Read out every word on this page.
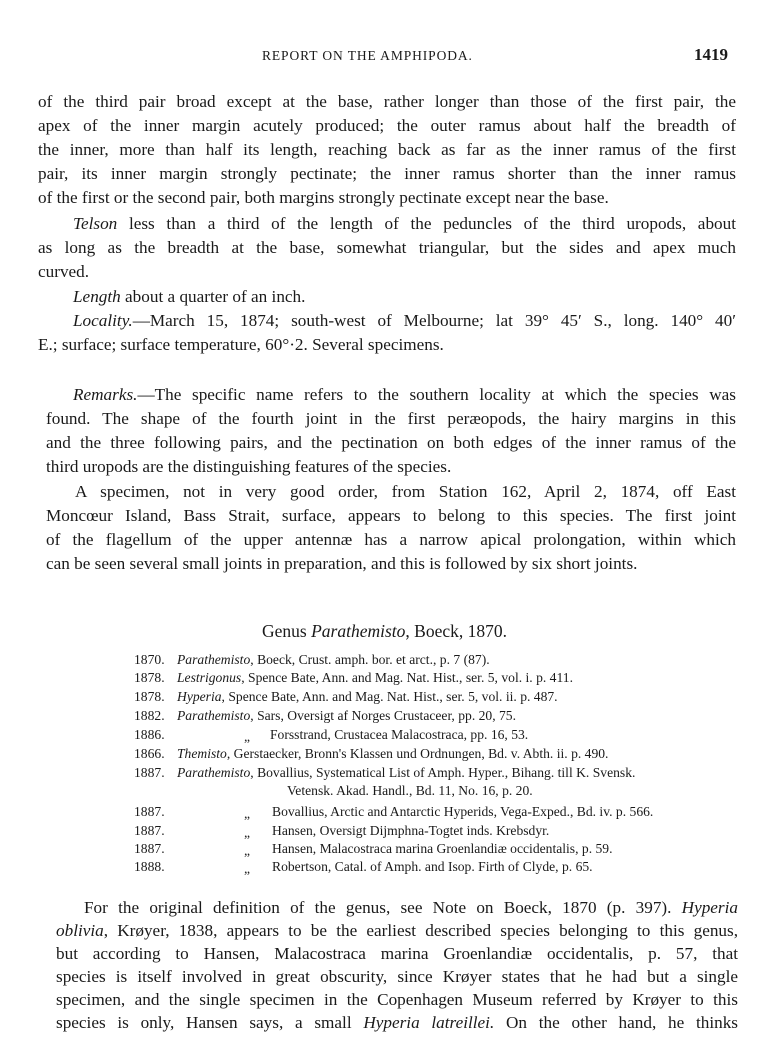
REPORT ON THE AMPHIPODA.	1419
of the third pair broad except at the base, rather longer than those of the first pair, the
apex of the inner margin acutely produced; the outer ramus about half the breadth of
the inner, more than half its length, reaching back as far as the inner ramus of the first
pair, its inner margin strongly pectinate; the inner ramus shorter than the inner ramus
of the first or the second pair, both margins strongly pectinate except near the base.
Telson less than a third of the length of the peduncles of the third uropods, about
as long as the breadth at the base, somewhat triangular, but the sides and apex much
curved.
Length about a quarter of an inch.
Locality.—March 15, 1874; south-west of Melbourne; lat 39° 45′ S., long. 140° 40′
E.; surface; surface temperature, 60°·2. Several specimens.
Remarks.—The specific name refers to the southern locality at which the species was
found. The shape of the fourth joint in the first peræopods, the hairy margins in this
and the three following pairs, and the pectination on both edges of the inner ramus of the
third uropods are the distinguishing features of the species.
A specimen, not in very good order, from Station 162, April 2, 1874, off East
Moncœur Island, Bass Strait, surface, appears to belong to this species. The first joint
of the flagellum of the upper antennæ has a narrow apical prolongation, within which
can be seen several small joints in preparation, and this is followed by six short joints.
Genus Parathemisto, Boeck, 1870.
1870. Parathemisto, Boeck, Crust. amph. bor. et arct., p. 7 (87).
1878. Lestrigonus, Spence Bate, Ann. and Mag. Nat. Hist., ser. 5, vol. i. p. 411.
1878. Hyperia, Spence Bate, Ann. and Mag. Nat. Hist., ser. 5, vol. ii. p. 487.
1882. Parathemisto, Sars, Oversigt af Norges Crustaceer, pp. 20, 75.
1886.	„ Forsstrand, Crustacea Malacostraca, pp. 16, 53.
1866. Themisto, Gerstaecker, Bronn's Klassen und Ordnungen, Bd. v. Abth. ii. p. 490.
1887. Parathemisto, Bovallius, Systematical List of Amph. Hyper., Bihang. till K. Svensk.
Vetensk. Akad. Handl., Bd. 11, No. 16, p. 20.
1887.	„ Bovallius, Arctic and Antarctic Hyperids, Vega-Exped., Bd. iv. p. 566.
1887.	„ Hansen, Oversigt Dijmphna-Togtet inds. Krebsdyr.
1887.	„ Hansen, Malacostraca marina Groenlandiæ occidentalis, p. 59.
1888.	„ Robertson, Catal. of Amph. and Isop. Firth of Clyde, p. 65.
For the original definition of the genus, see Note on Boeck, 1870 (p. 397). Hyperia
oblivia, Krøyer, 1838, appears to be the earliest described species belonging to this genus,
but according to Hansen, Malacostraca marina Groenlandiæ occidentalis, p. 57, that
species is itself involved in great obscurity, since Krøyer states that he had but a single
specimen, and the single specimen in the Copenhagen Museum referred by Krøyer to this
species is only, Hansen says, a small Hyperia latreillei. On the other hand, he thinks
